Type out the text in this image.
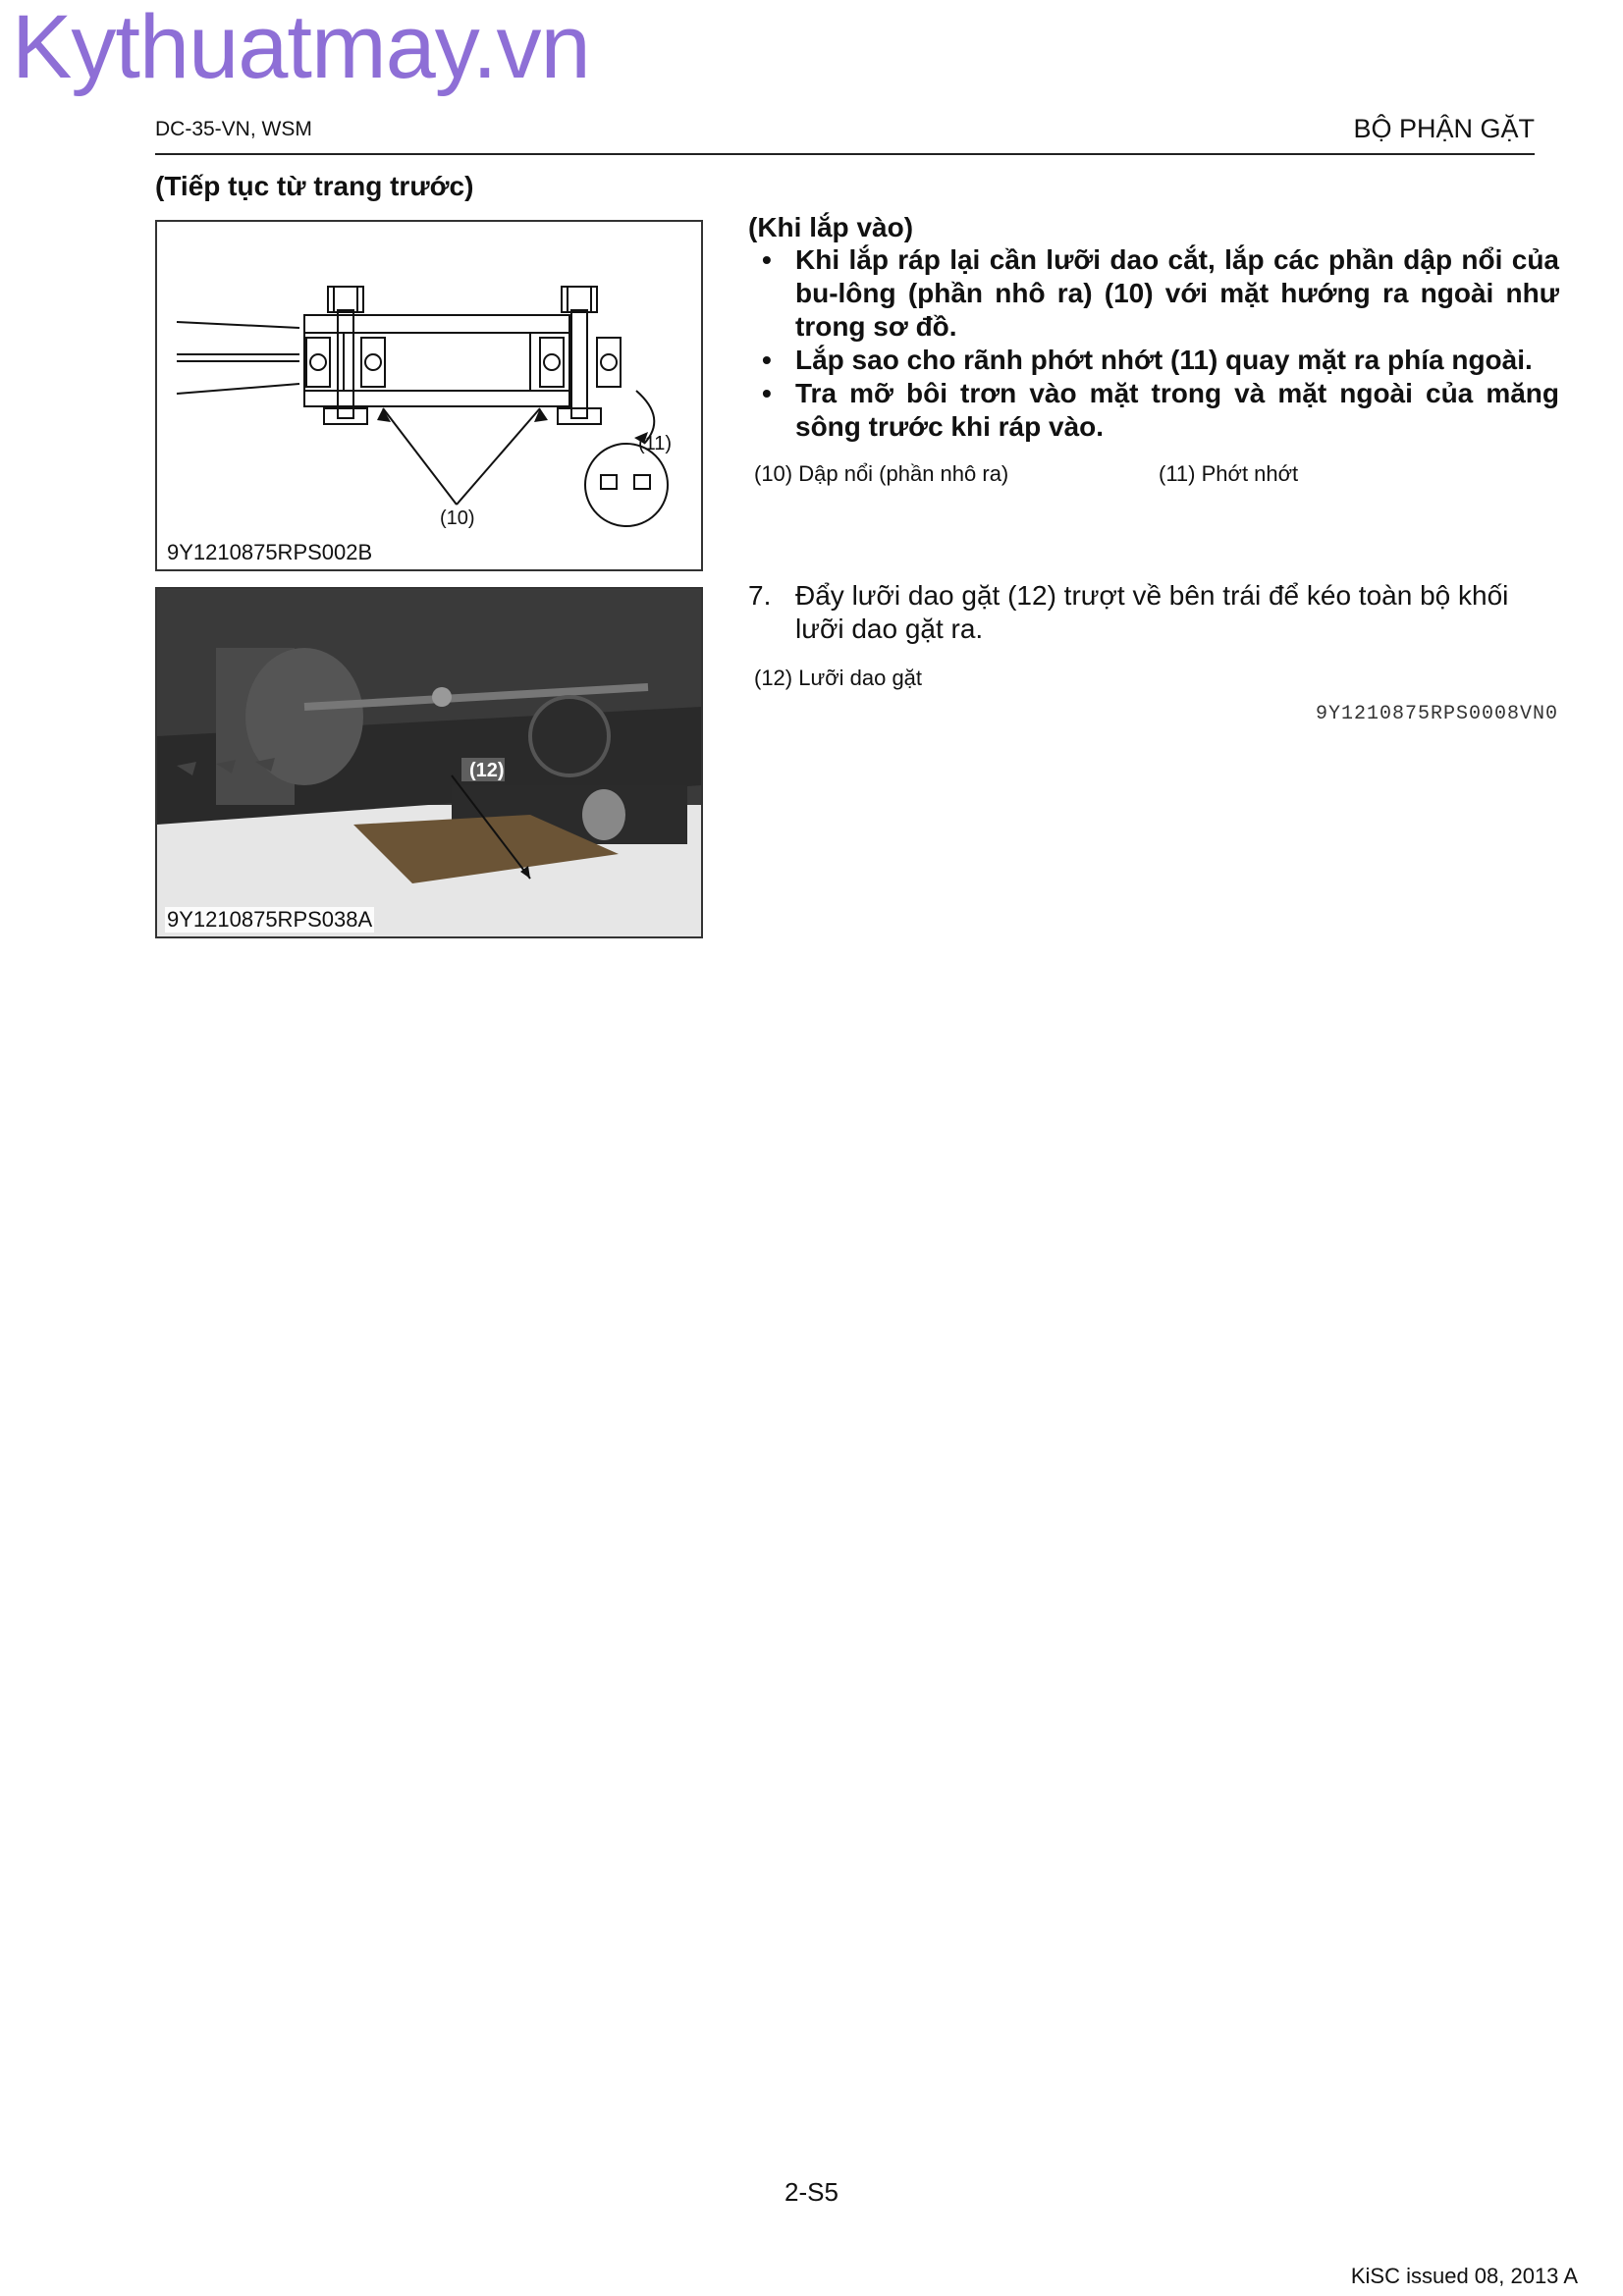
Kythuatmay.vn
DC-35-VN, WSM	BỘ PHẬN GẶT
(Tiếp tục từ trang trước)
(10)
(11)
9Y1210875RPS002B
(12)
9Y1210875RPS038A
(Khi lắp vào)
• Khi lắp ráp lại cần lưỡi dao cắt, lắp các phần dập nổi của bu-lông (phần nhô ra) (10) với mặt hướng ra ngoài như trong sơ đồ.
• Lắp sao cho rãnh phớt nhớt (11) quay mặt ra phía ngoài.
• Tra mỡ bôi trơn vào mặt trong và mặt ngoài của măng sông trước khi ráp vào.
(10) Dập nổi (phần nhô ra)	(11) Phớt nhớt
7. Đẩy lưỡi dao gặt (12) trượt về bên trái để kéo toàn bộ khối lưỡi dao gặt ra.
(12) Lưỡi dao gặt
9Y1210875RPS0008VN0
2-S5
KiSC issued 08, 2013 A
